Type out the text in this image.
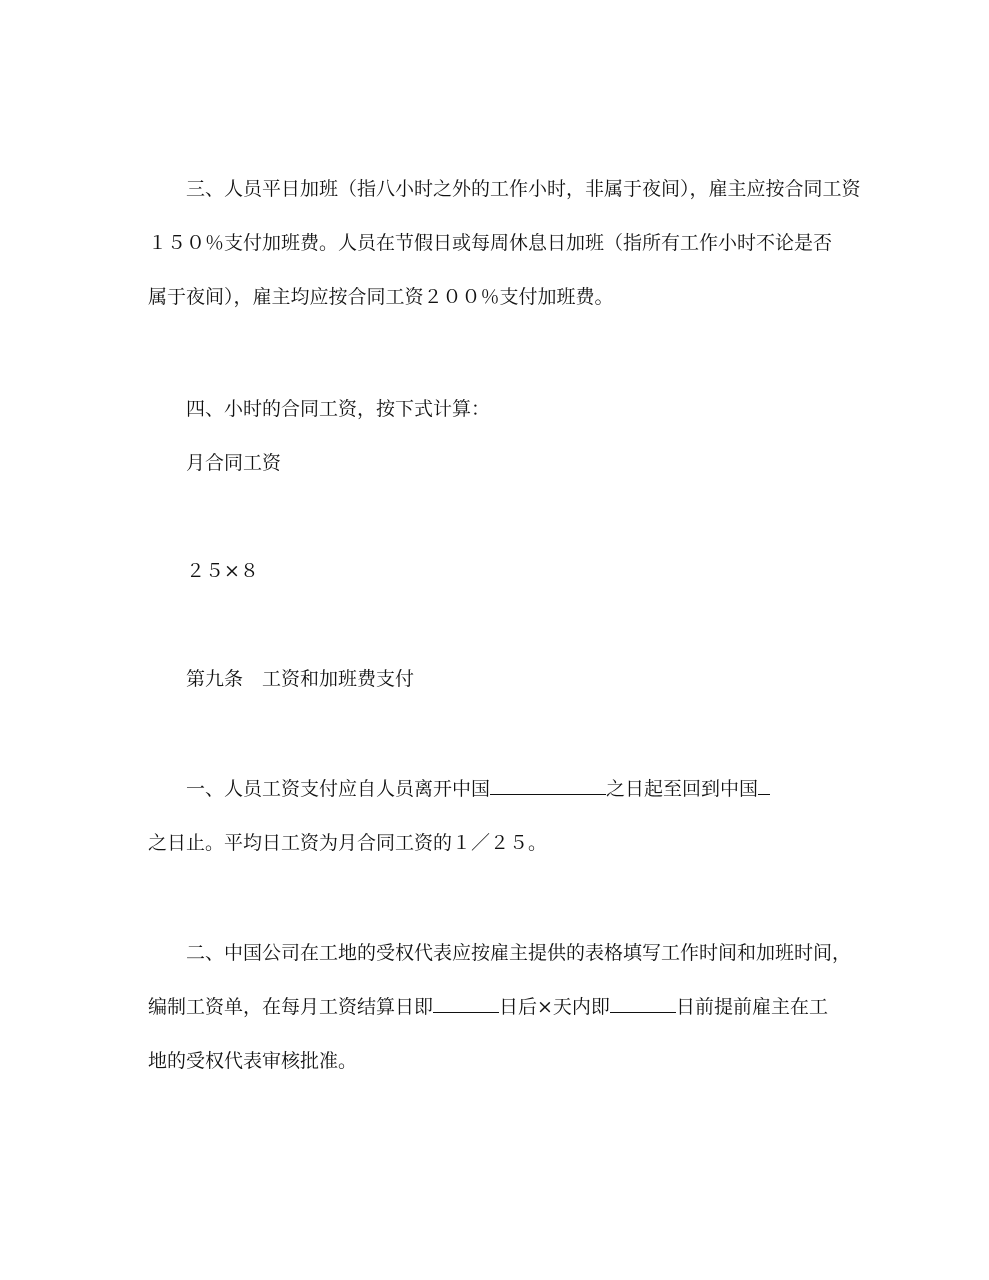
三、人员平日加班（指八小时之外的工作小时，非属于夜间），雇主应按合同工资
１５０％支付加班费。人员在节假日或每周休息日加班（指所有工作小时不论是否
属于夜间），雇主均应按合同工资２００％支付加班费。
四、小时的合同工资，按下式计算：
月合同工资
２５×８
第九条　工资和加班费支付
一、人员工资支付应自人员离开中国	之日起至回到中国
之日止。平均日工资为月合同工资的１／２５。
二、中国公司在工地的受权代表应按雇主提供的表格填写工作时间和加班时间，
编制工资单，在每月工资结算日即	日后×天内即	日前提前雇主在工
地的受权代表审核批准。
